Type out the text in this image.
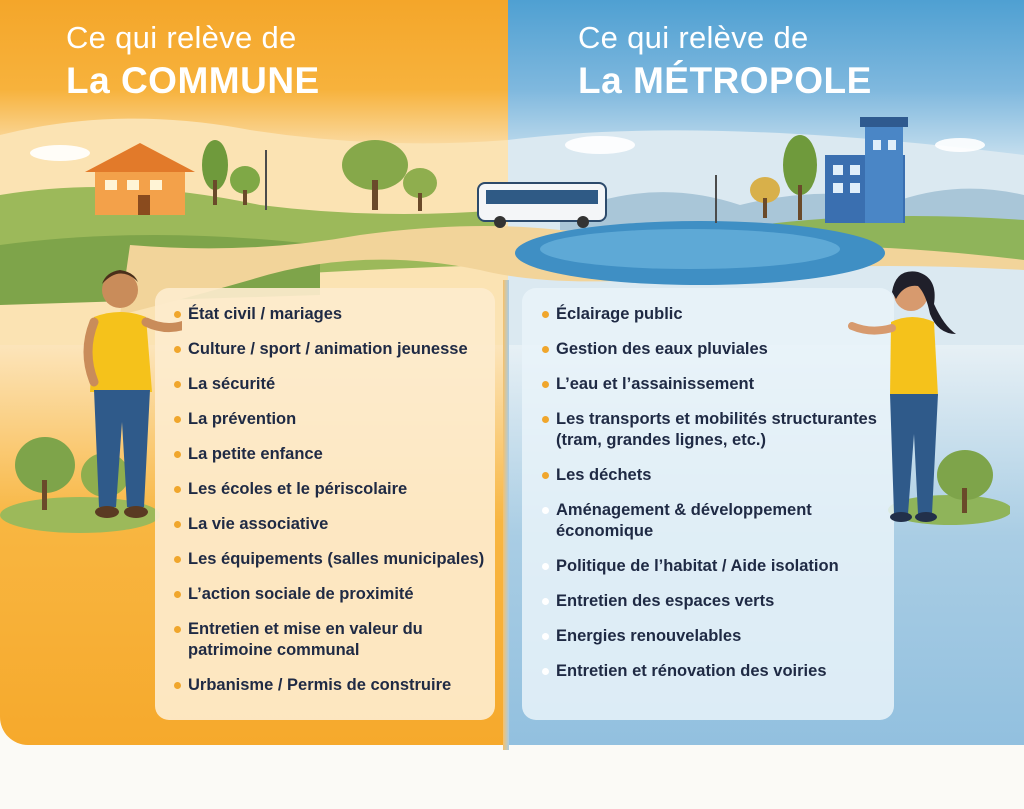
Ce qui relève de
La COMMUNE
Ce qui relève de
La MÉTROPOLE
État civil / mariages
Culture / sport / animation jeunesse
La sécurité
La prévention
La petite enfance
Les écoles et le périscolaire
La vie associative
Les équipements (salles municipales)
L’action sociale de proximité
Entretien et mise en valeur du patrimoine communal
Urbanisme / Permis de construire
Éclairage public
Gestion des eaux pluviales
L’eau et l’assainissement
Les transports et mobilités structurantes (tram, grandes lignes, etc.)
Les déchets
Aménagement & développement économique
Politique de l’habitat / Aide isolation
Entretien des espaces verts
Energies renouvelables
Entretien et rénovation des voiries
